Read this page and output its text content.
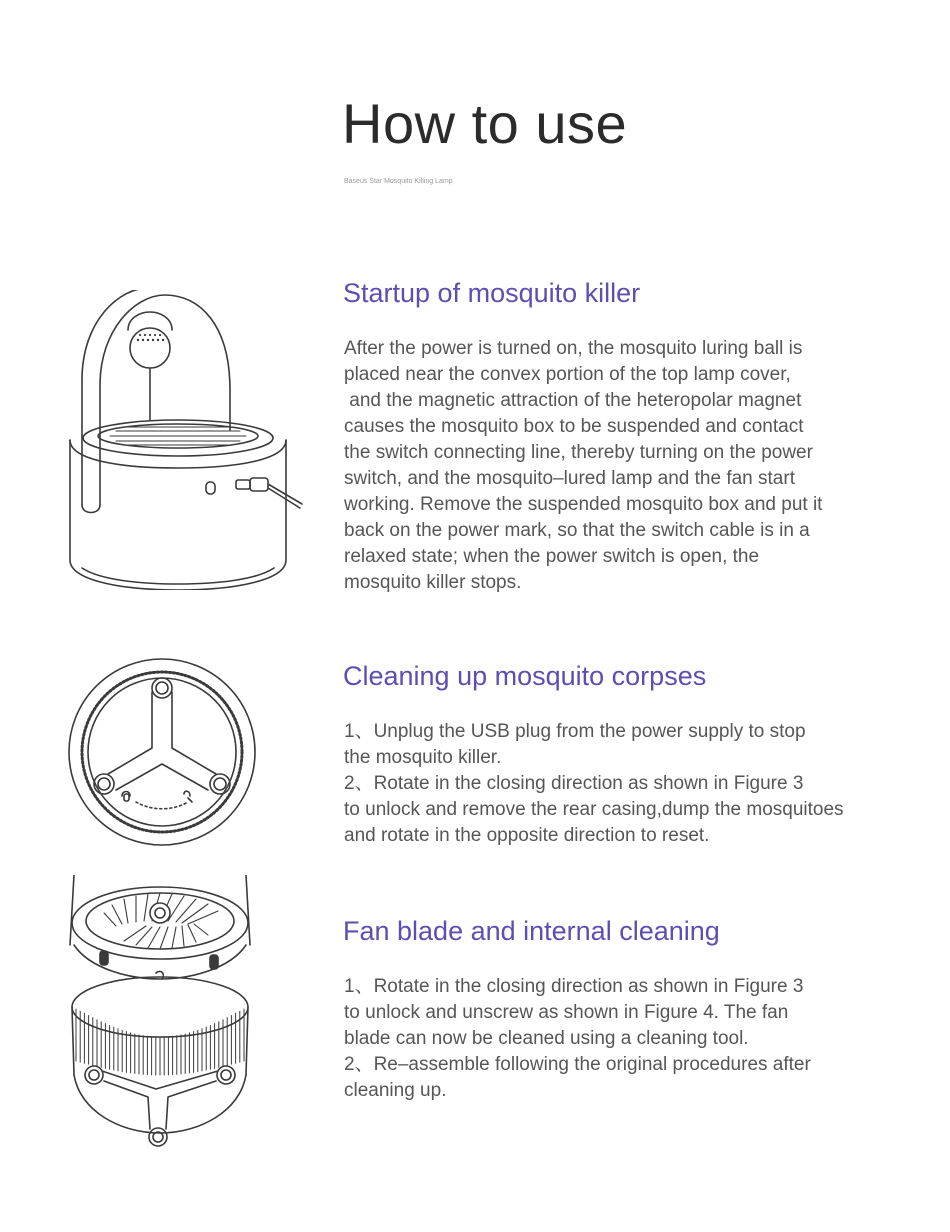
How to use
Baseus Star Mosquito Killing Lamp
Startup of mosquito killer

After the power is turned on, the mosquito luring ball is
placed near the convex portion of the top lamp cover,
and the magnetic attraction of the heteropolar magnet
causes the mosquito box to be suspended and contact
the switch connecting line, thereby turning on the power
switch, and the mosquito–lured lamp and the fan start
working. Remove the suspended mosquito box and put it
back on the power mark, so that the switch cable is in a
relaxed state; when the power switch is open, the
mosquito killer stops.

Cleaning up mosquito corpses

1、Unplug the USB plug from the power supply to stop
the mosquito killer.
2、Rotate in the closing direction as shown in Figure 3
to unlock and remove the rear casing,dump the mosquitoes
and rotate in the opposite direction to reset.

Fan blade and internal cleaning

1、Rotate in the closing direction as shown in Figure 3
to unlock and unscrew as shown in Figure 4. The fan
blade can now be cleaned using a cleaning tool.
2、Re–assemble following the original procedures after
cleaning up.
